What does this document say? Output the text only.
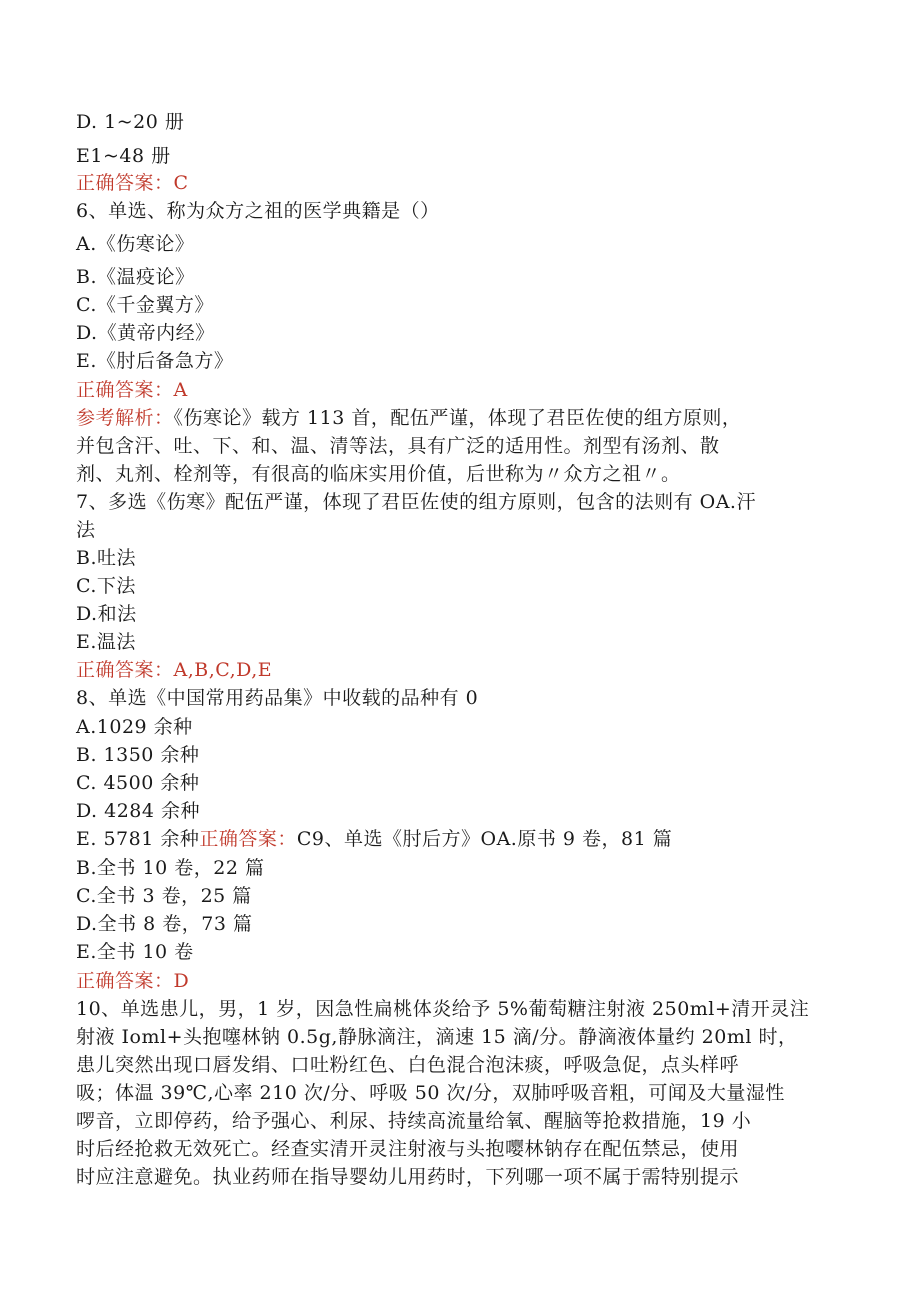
D. 1~20 册
E1~48 册
正确答案：C
6、单选、称为众方之祖的医学典籍是（）
A.《伤寒论》
B.《温疫论》
C.《千金翼方》
D.《黄帝内经》
E.《肘后备急方》
正确答案：A
参考解析：《伤寒论》载方 113 首，配伍严谨，体现了君臣佐使的组方原则，
并包含汗、吐、下、和、温、清等法，具有广泛的适用性。剂型有汤剂、散
剂、丸剂、栓剂等，有很高的临床实用价值，后世称为〃众方之祖〃。
7、多选《伤寒》配伍严谨，体现了君臣佐使的组方原则，包含的法则有 OA.汗
法
B.吐法
C.下法
D.和法
E.温法
正确答案：A,B,C,D,E
8、单选《中国常用药品集》中收载的品种有 0
A.1029 余种
B. 1350 余种
C. 4500 余种
D. 4284 余种
E. 5781 余种正确答案：C9、单选《肘后方》OA.原书 9 卷，81 篇
B.全书 10 卷，22 篇
C.全书 3 卷，25 篇
D.全书 8 卷，73 篇
E.全书 10 卷
正确答案：D
10、单选患儿，男，1 岁，因急性扁桃体炎给予 5%葡萄糖注射液 250ml+清开灵注
射液 Ioml+头抱噻林钠 0.5g,静脉滴注，滴速 15 滴/分。静滴液体量约 20ml 时，
患儿突然出现口唇发绢、口吐粉红色、白色混合泡沫痰，呼吸急促，点头样呼
吸；体温 39℃,心率 210 次/分、呼吸 50 次/分，双肺呼吸音粗，可闻及大量湿性
啰音，立即停药，给予强心、利尿、持续高流量给氧、醒脑等抢救措施，19 小
时后经抢救无效死亡。经查实清开灵注射液与头抱嘤林钠存在配伍禁忌，使用
时应注意避免。执业药师在指导婴幼儿用药时，下列哪一项不属于需特别提示
